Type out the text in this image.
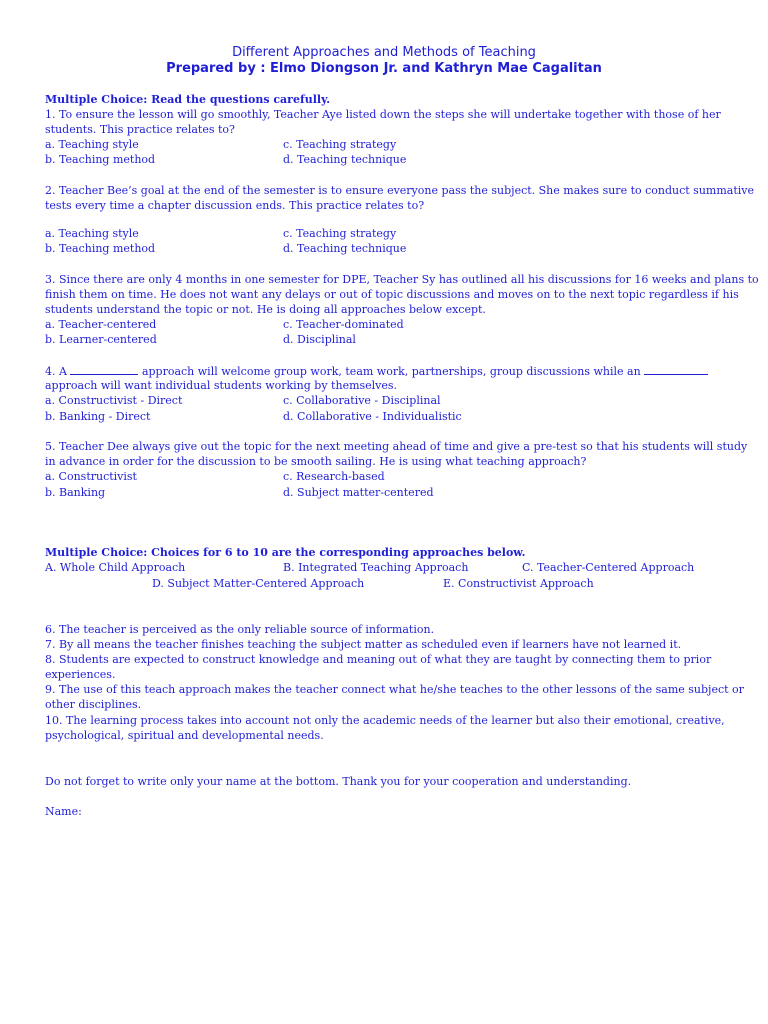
Different Approaches and Methods of Teaching
Prepared by : Elmo Diongson Jr. and Kathryn Mae Cagalitan
Multiple Choice: Read the questions carefully.
1. To ensure the lesson will go smoothly, Teacher Aye listed down the steps she will undertake together with those of her
students. This practice relates to?
a. Teaching style	c. Teaching strategy
b. Teaching method	d. Teaching technique
2. Teacher Bee’s goal at the end of the semester is to ensure everyone pass the subject. She makes sure to conduct summative
tests every time a chapter discussion ends. This practice relates to?
a. Teaching style	c. Teaching strategy
b. Teaching method	d. Teaching technique
3. Since there are only 4 months in one semester for DPE, Teacher Sy has outlined all his discussions for 16 weeks and plans to
finish them on time. He does not want any delays or out of topic discussions and moves on to the next topic regardless if his
students understand the topic or not. He is doing all approaches below except.
a. Teacher-centered	c. Teacher-dominated
b. Learner-centered	d. Disciplinal
4. A	approach will welcome group work, team work, partnerships, group discussions while an
approach will want individual students working by themselves.
a. Constructivist - Direct	c. Collaborative - Disciplinal
b. Banking - Direct	d. Collaborative - Individualistic
5. Teacher Dee always give out the topic for the next meeting ahead of time and give a pre-test so that his students will study
in advance in order for the discussion to be smooth sailing. He is using what teaching approach?
a. Constructivist	c. Research-based
b. Banking	d. Subject matter-centered
Multiple Choice: Choices for 6 to 10 are the corresponding approaches below.
A. Whole Child Approach	B. Integrated Teaching Approach	C. Teacher-Centered Approach
D. Subject Matter-Centered Approach	E. Constructivist Approach
6. The teacher is perceived as the only reliable source of information.
7. By all means the teacher finishes teaching the subject matter as scheduled even if learners have not learned it.
8. Students are expected to construct knowledge and meaning out of what they are taught by connecting them to prior
experiences.
9. The use of this teach approach makes the teacher connect what he/she teaches to the other lessons of the same subject or
other disciplines.
10. The learning process takes into account not only the academic needs of the learner but also their emotional, creative,
psychological, spiritual and developmental needs.
Do not forget to write only your name at the bottom. Thank you for your cooperation and understanding.
Name:
